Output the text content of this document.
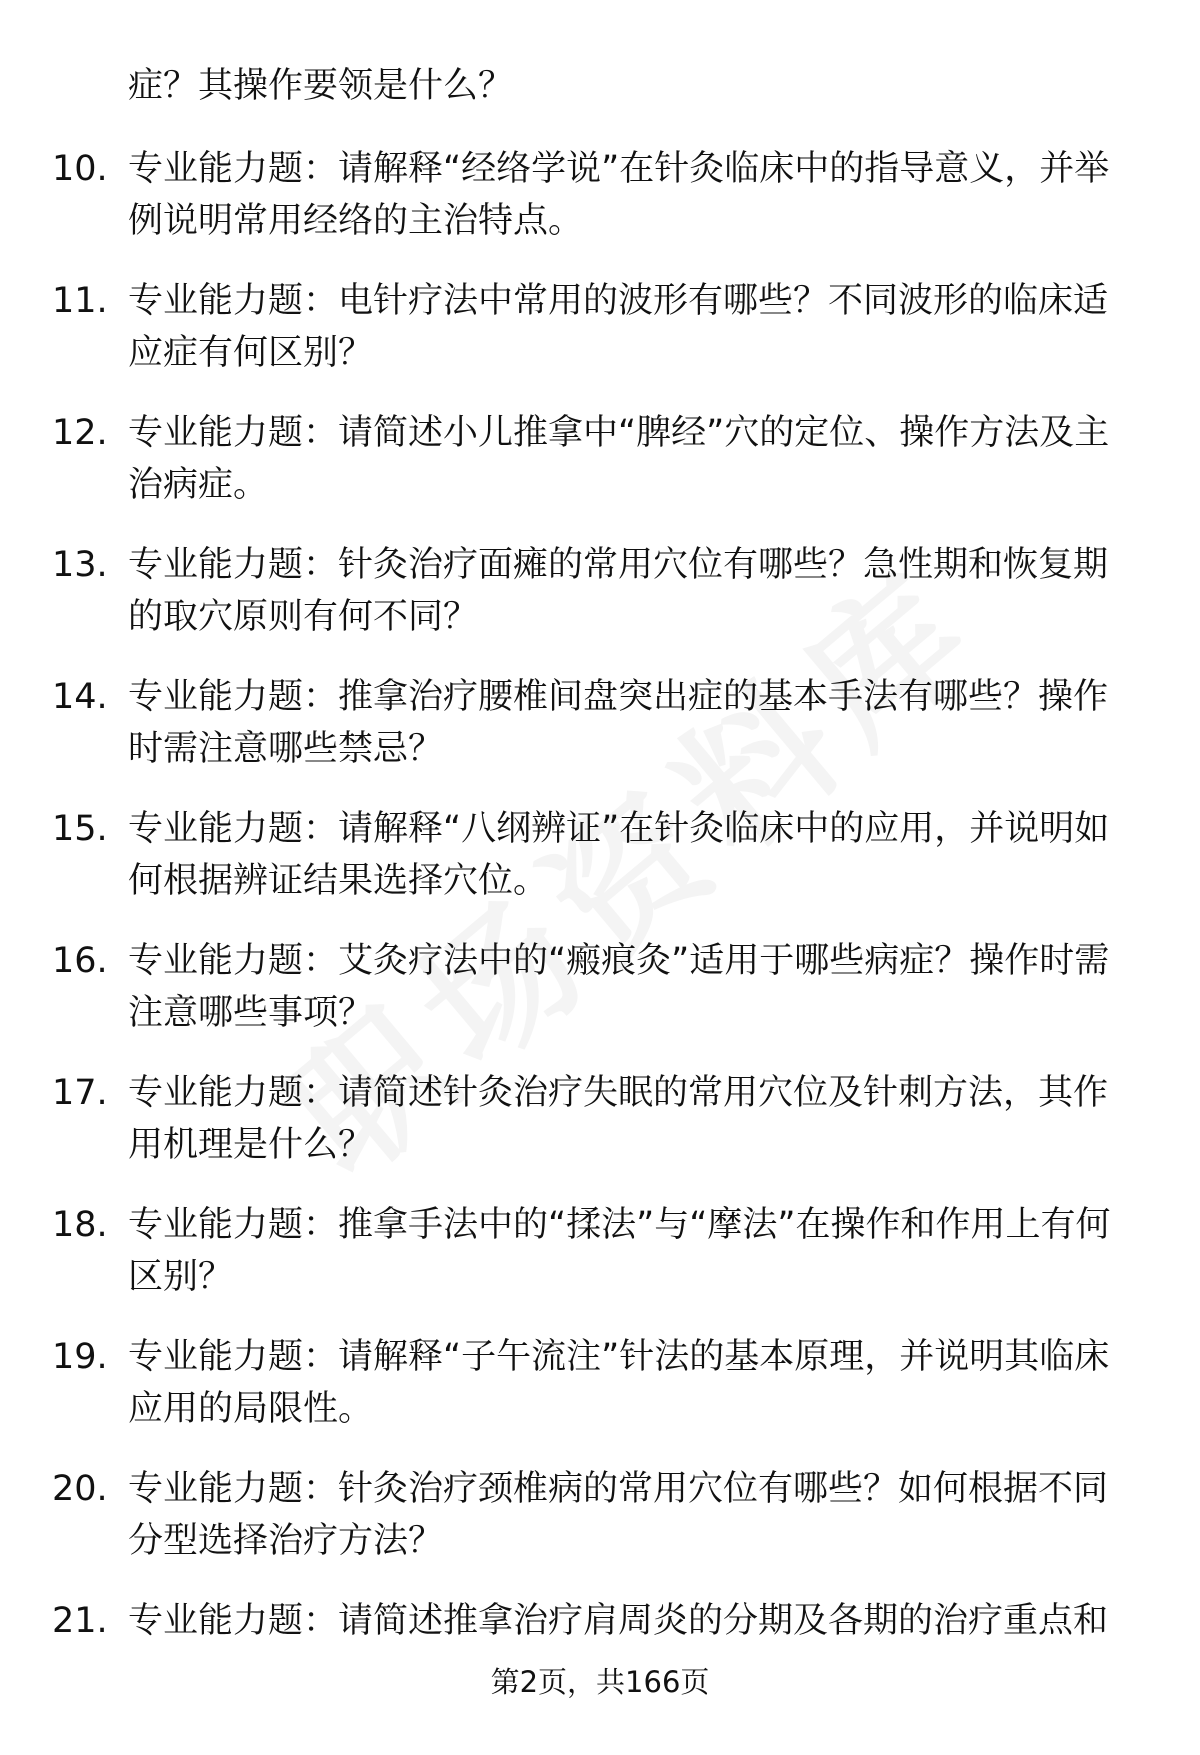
症？其操作要领是什么？
10. 专业能力题：请解释“经络学说”在针灸临床中的指导意义，并举例说明常用经络的主治特点。
11. 专业能力题：电针疗法中常用的波形有哪些？不同波形的临床适应症有何区别？
12. 专业能力题：请简述小儿推拿中“脾经”穴的定位、操作方法及主治病症。
13. 专业能力题：针灸治疗面瘫的常用穴位有哪些？急性期和恢复期的取穴原则有何不同？
14. 专业能力题：推拿治疗腰椎间盘突出症的基本手法有哪些？操作时需注意哪些禁忌？
15. 专业能力题：请解释“八纲辨证”在针灸临床中的应用，并说明如何根据辨证结果选择穴位。
16. 专业能力题：艾灸疗法中的“瘢痕灸”适用于哪些病症？操作时需注意哪些事项？
17. 专业能力题：请简述针灸治疗失眠的常用穴位及针刺方法，其作用机理是什么？
18. 专业能力题：推拿手法中的“揉法”与“摩法”在操作和作用上有何区别？
19. 专业能力题：请解释“子午流注”针法的基本原理，并说明其临床应用的局限性。
20. 专业能力题：针灸治疗颈椎病的常用穴位有哪些？如何根据不同分型选择治疗方法？
21. 专业能力题：请简述推拿治疗肩周炎的分期及各期的治疗重点和
第2页，共166页
